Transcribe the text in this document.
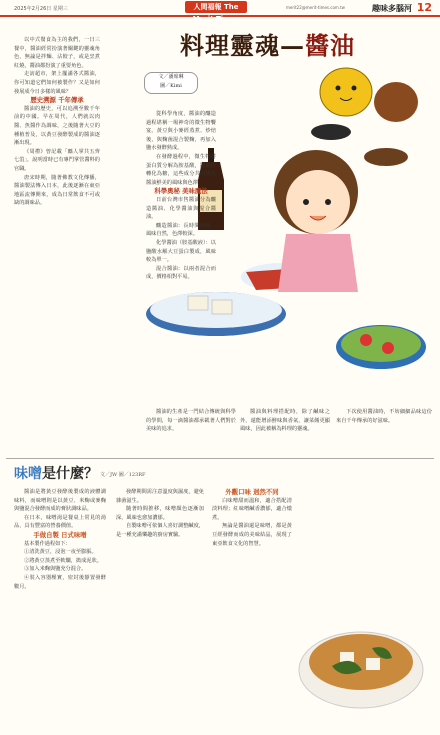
2025年2月26日 星期三	人間福報 The Merit Times
merit22@merit-times.com.tw	趣味多腦河 12
料理靈魂—醬油
文／潘席琳
圖／Kimi

以中式餐食為主的我們，一日三餐中，醬油經常扮演著關鍵的靈魂角色，無論是拌麵、沾餃子，或是烹煮紅燒，醬油都扮演了重要角色。

走訪超市，架上擺滿各式醬油，你可知道它們如何被製作？又是如何發展成今日多樣的風味？

歷史溯源 千年傳承

醬油的歷史，可以追溯至數千年前的中國。早在周代，人們就以肉醬、魚醬作為調味，之後隨著大豆的種植普及，以黃豆發酵製成的醬油逐漸出現。

《周禮》曾記載「醯人掌共五齊七菹」，說明當時已有專門掌管醬料的官職。

唐宋時期，隨著佛教文化傳播，醬油製法傳入日本，此後逐漸在東亞地區流傳開來，成為日常飲食不可或缺的調味品。

從科學角度，醬油的釀造過程堪稱一場神奇的微生物饗宴。黃豆與小麥經蒸煮、炒焙後，與麴菌混合製麴，再加入鹽水發酵熟成。

在發酵過程中，微生物將蛋白質分解為胺基酸，將澱粉轉化為糖，這些成分共同構成醬油鮮美的風味與色澤。

科學奧秘 美味魔法

日前台灣市售醬油分為釀造醬油、化學醬油與混合醬油。

釀造醬油：長時間發酵，風味自然，色澤較深。

化學醬油（胺基酸液）：以鹽酸水解大豆蛋白製成，風味較為單一。

混合醬油：以兩者混合而成，價格相對平易。

醬油的生產是一門結合傳統與科學的學問，每一滴醬油都承載著人們對於美味的追求。

醬油與料理搭配時，除了鹹味之外，還能增添鮮味與香氣，讓菜餚更顯風味，因此被稱為料理的靈魂。

下次使用醬油時，不妨細細品味這份來自千年傳承的好滋味。

味噌是什麼？ 文／JW 圖／123RF

醬油是將黃豆發酵後製成的液體調味料，而味噌則是以黃豆、米麴或麥麴與鹽混合發酵而成的膏狀調味品。

在日本，味噌湯是餐桌上常見的湯品，具有豐富的營養價值。

手做自製 日式味噌

基本製作過程如下：

①清洗黃豆，浸泡一夜至膨脹。

②將黃豆蒸煮至軟爛，搗成泥狀。

③加入米麴與鹽充分混合。

④裝入容器壓實，密封後靜置發酵數月。

發酵期間需注意溫度與濕度，避免雜菌滋生。

隨著時間推移，味噌顏色逐漸加深，風味也愈加濃郁。

自製味噌可依個人喜好調整鹹度，是一種充滿樂趣的廚房實驗。

外觀口味 迥然不同

白味噌甜而溫和，適合搭配清淡料理；紅味噌鹹香濃郁，適合燉煮。

無論是醬油還是味噌，都是黃豆經發酵而成的美味結晶，展現了東亞飲食文化的智慧。
